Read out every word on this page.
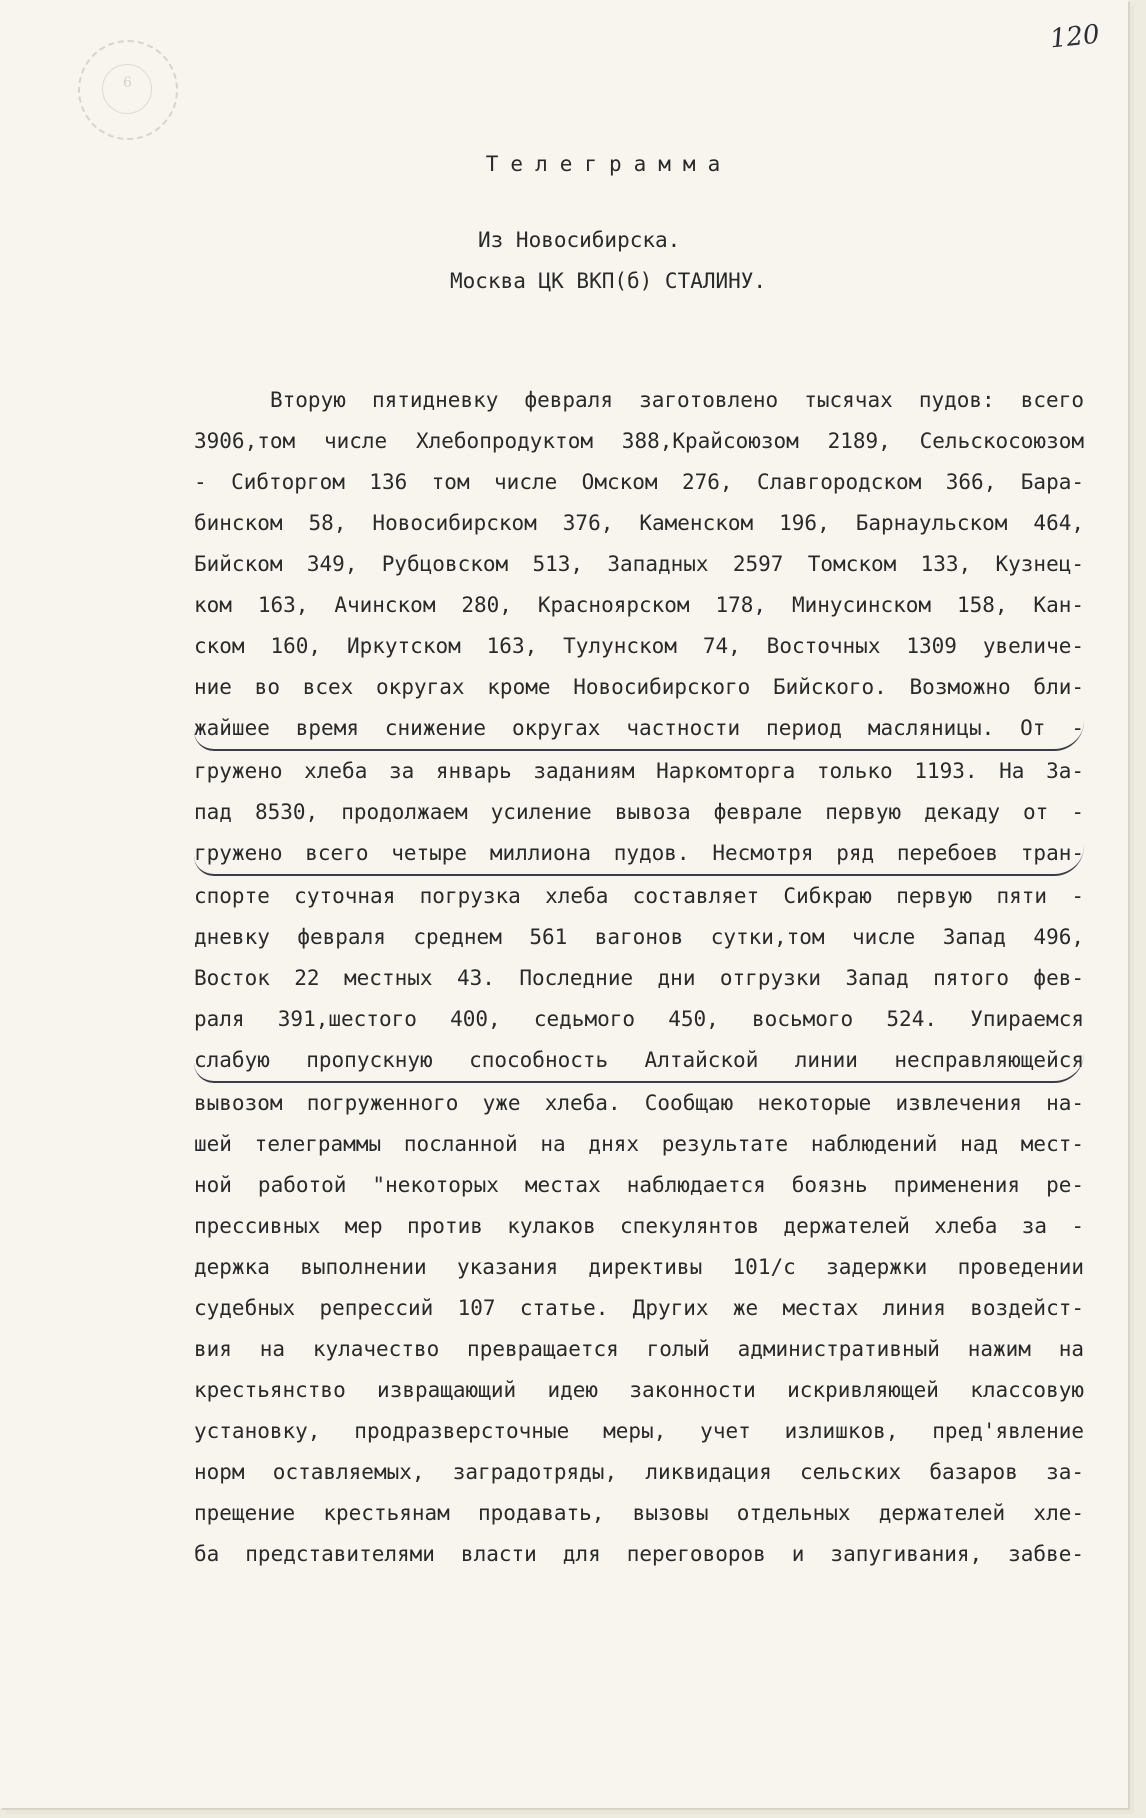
6
120
Телеграмма
Из Новосибирска.
Москва ЦК ВКП(б) СТАЛИНУ.
Вторую пятидневку февраля заготовлено тысячах пудов: всего
3906,том числе Хлебопродуктом 388,Крайсоюзом 2189, Сельскосоюзом
- Сибторгом 136 том числе Омском 276, Славгородском 366, Бара-
бинском 58, Новосибирском 376, Каменском 196, Барнаульском 464,
Бийском 349, Рубцовском 513, Западных 2597 Томском 133, Кузнец-
ком 163, Ачинском 280, Красноярском 178, Минусинском 158, Кан-
ском 160, Иркутском 163, Тулунском 74, Восточных 1309 увеличе-
ние во всех округах кроме Новосибирского Бийского. Возможно бли-
жайшее время снижение округах частности период масляницы. От -
гружено хлеба за январь заданиям Наркомторга только 1193. На За-
пад 8530, продолжаем усиление вывоза феврале первую декаду от -
гружено всего четыре миллиона пудов. Несмотря ряд перебоев тран-
спорте суточная погрузка хлеба составляет Сибкраю первую пяти -
дневку февраля среднем 561 вагонов сутки,том числе Запад 496,
Восток 22 местных 43. Последние дни отгрузки Запад пятого фев-
раля 391,шестого 400, седьмого 450, восьмого 524. Упираемся
слабую пропускную способность Алтайской линии несправляющейся
вывозом погруженного уже хлеба. Сообщаю некоторые извлечения на-
шей телеграммы посланной на днях результате наблюдений над мест-
ной работой "некоторых местах наблюдается боязнь применения ре-
прессивных мер против кулаков спекулянтов держателей хлеба за -
держка выполнении указания директивы 101/с задержки проведении
судебных репрессий 107 статье. Других же местах линия воздейст-
вия на кулачество превращается голый административный нажим на
крестьянство извращающий идею законности искривляющей классовую
установку, продразверсточные меры, учет излишков, пред'явление
норм оставляемых, заградотряды, ликвидация сельских базаров за-
прещение крестьянам продавать, вызовы отдельных держателей хле-
ба представителями власти для переговоров и запугивания, забве-
